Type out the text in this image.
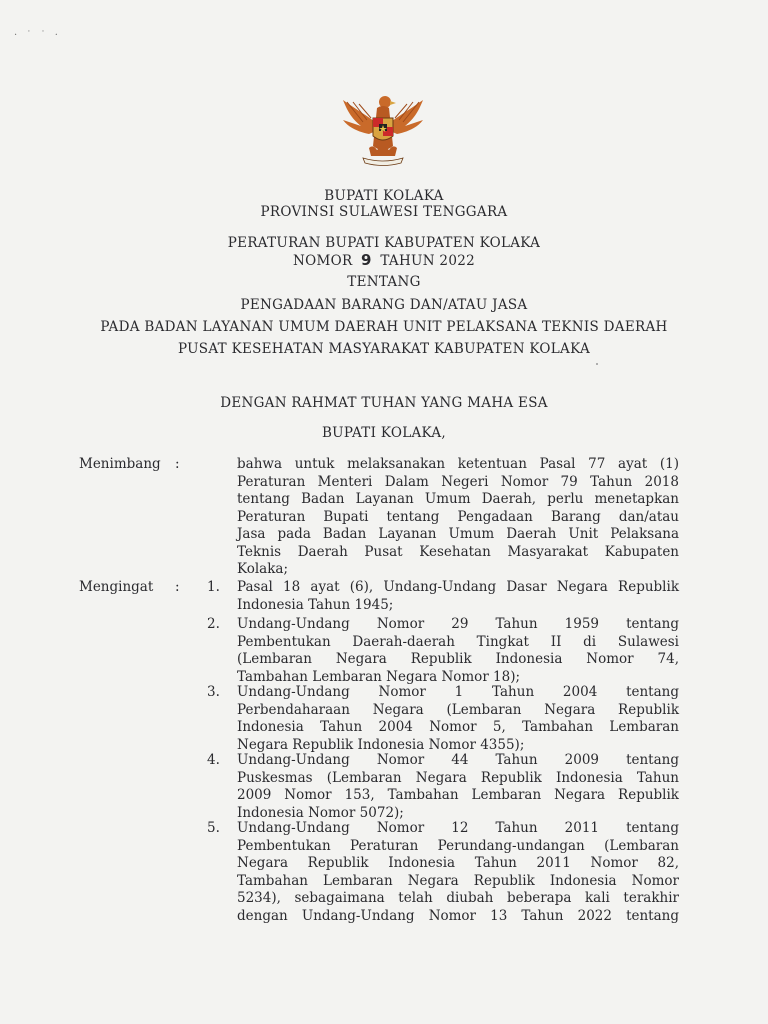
· ˙ ˙ ·
BUPATI KOLAKA
PROVINSI SULAWESI TENGGARA
PERATURAN BUPATI KABUPATEN KOLAKA
NOMOR 9 TAHUN 2022
TENTANG
PENGADAAN BARANG DAN/ATAU JASA
PADA BADAN LAYANAN UMUM DAERAH UNIT PELAKSANA TEKNIS DAERAH
PUSAT KESEHATAN MASYARAKAT KABUPATEN KOLAKA
DENGAN RAHMAT TUHAN YANG MAHA ESA
BUPATI KOLAKA,
Menimbang :	bahwa untuk melaksanakan ketentuan Pasal 77 ayat (1)
Peraturan Menteri Dalam Negeri Nomor 79 Tahun 2018
tentang Badan Layanan Umum Daerah, perlu menetapkan
Peraturan Bupati tentang Pengadaan Barang dan/atau
Jasa pada Badan Layanan Umum Daerah Unit Pelaksana
Teknis Daerah Pusat Kesehatan Masyarakat Kabupaten
Kolaka;
Mengingat : 1.	Pasal 18 ayat (6), Undang-Undang Dasar Negara Republik
Indonesia Tahun 1945;
2.	Undang-Undang Nomor 29 Tahun 1959 tentang
Pembentukan Daerah-daerah Tingkat II di Sulawesi
(Lembaran Negara Republik Indonesia Nomor 74,
Tambahan Lembaran Negara Nomor 18);
3.	Undang-Undang Nomor 1 Tahun 2004 tentang
Perbendaharaan Negara (Lembaran Negara Republik
Indonesia Tahun 2004 Nomor 5, Tambahan Lembaran
Negara Republik Indonesia Nomor 4355);
4.	Undang-Undang Nomor 44 Tahun 2009 tentang
Puskesmas (Lembaran Negara Republik Indonesia Tahun
2009 Nomor 153, Tambahan Lembaran Negara Republik
Indonesia Nomor 5072);
5.	Undang-Undang Nomor 12 Tahun 2011 tentang
Pembentukan Peraturan Perundang-undangan (Lembaran
Negara Republik Indonesia Tahun 2011 Nomor 82,
Tambahan Lembaran Negara Republik Indonesia Nomor
5234), sebagaimana telah diubah beberapa kali terakhir
dengan Undang-Undang Nomor 13 Tahun 2022 tentang
